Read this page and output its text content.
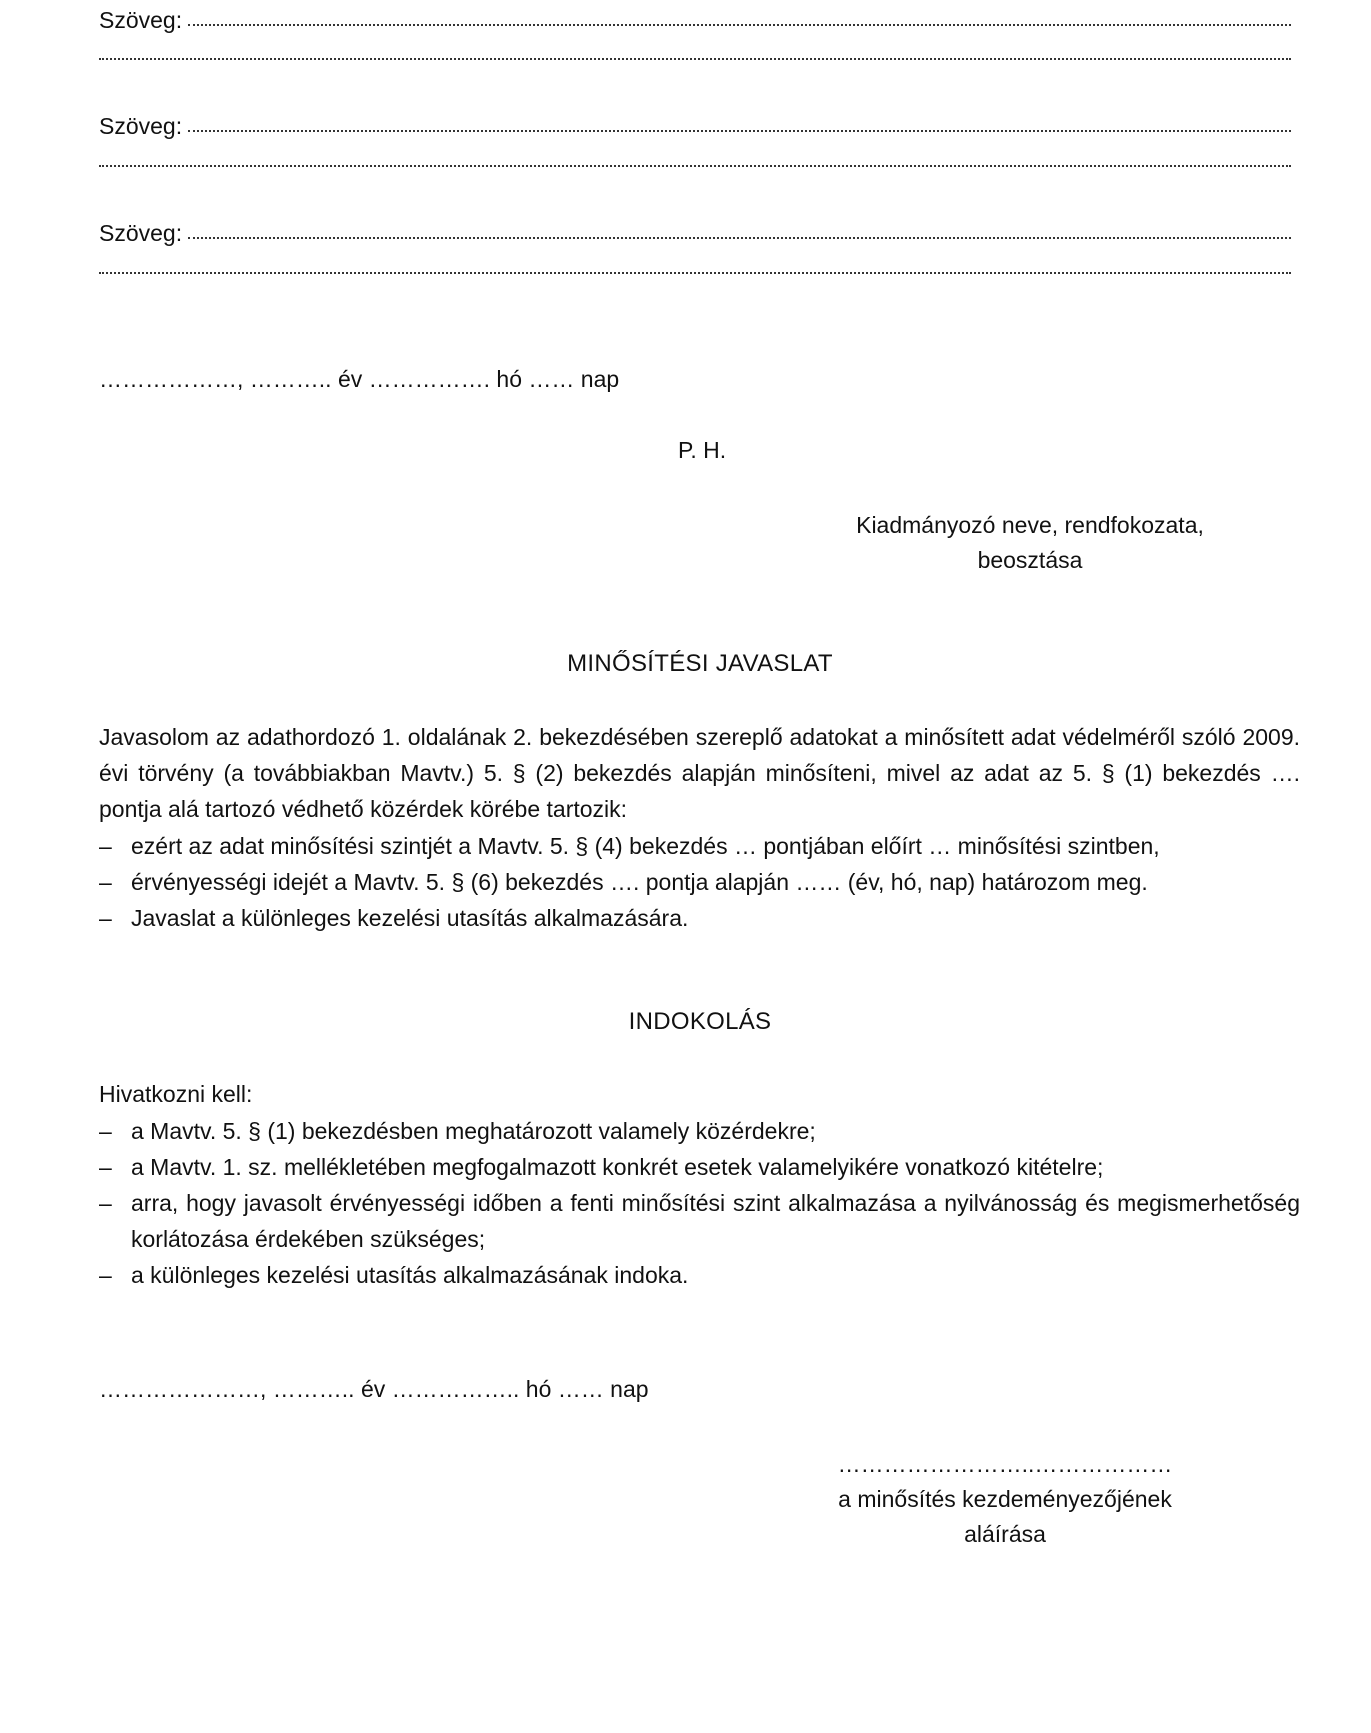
Szöveg:
Szöveg:
Szöveg:
………………, ……….. év ……………. hó …… nap
P. H.
Kiadmányozó neve, rendfokozata,
beosztása
MINŐSÍTÉSI JAVASLAT
Javasolom az adathordozó 1. oldalának 2. bekezdésében szereplő adatokat a minősített adat védelméről szóló 2009. évi törvény (a továbbiakban Mavtv.) 5. § (2) bekezdés alapján minősíteni, mivel az adat az 5. § (1) bekezdés …. pontja alá tartozó védhető közérdek körébe tartozik:
– ezért az adat minősítési szintjét a Mavtv. 5. § (4) bekezdés … pontjában előírt … minősítési szintben,
– érvényességi idejét a Mavtv. 5. § (6) bekezdés …. pontja alapján …… (év, hó, nap) határozom meg.
– Javaslat a különleges kezelési utasítás alkalmazására.
INDOKOLÁS
Hivatkozni kell:
– a Mavtv. 5. § (1) bekezdésben meghatározott valamely közérdekre;
– a Mavtv. 1. sz. mellékletében megfogalmazott konkrét esetek valamelyikére vonatkozó kitételre;
– arra, hogy javasolt érvényességi időben a fenti minősítési szint alkalmazása a nyilvánosság és megismerhetőség korlátozása érdekében szükséges;
– a különleges kezelési utasítás alkalmazásának indoka.
…………………, ……….. év …………….. hó …… nap
……………………..………………
a minősítés kezdeményezőjének
aláírása
